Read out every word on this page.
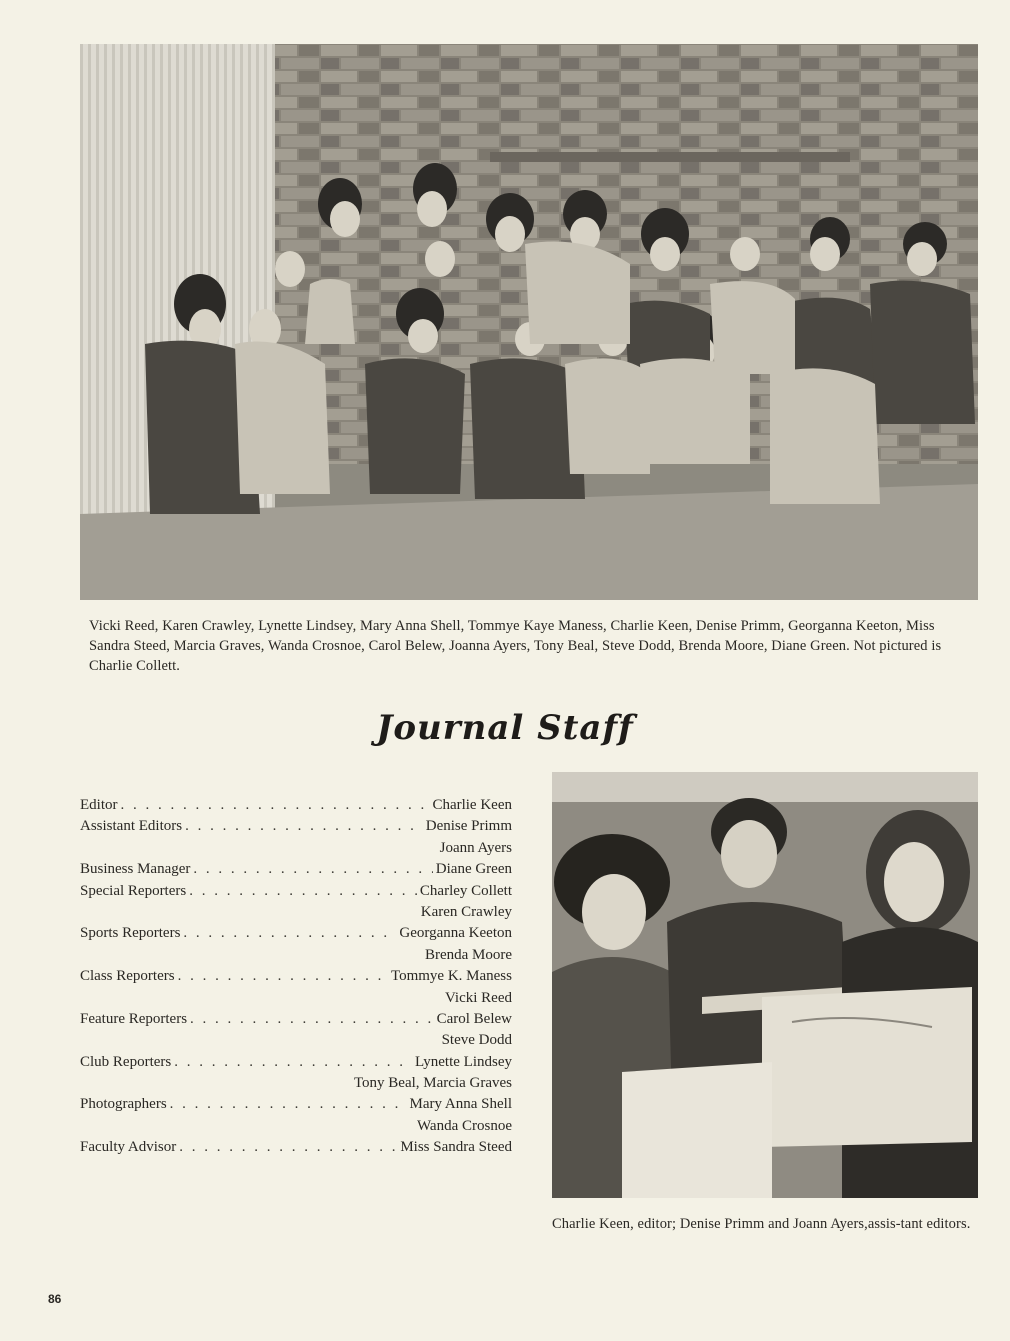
Vicki Reed, Karen Crawley, Lynette Lindsey, Mary Anna Shell, Tommye Kaye Maness, Charlie Keen, Denise Primm, Georganna Keeton, Miss Sandra Steed, Marcia Graves, Wanda Crosnoe, Carol Belew, Joanna Ayers, Tony Beal, Steve Dodd, Brenda Moore, Diane Green. Not pictured is Charlie Collett.
Journal Staff
Editor . . .	Charlie Keen
Assistant Editors . . .	Denise Primm
Joann Ayers
Business Manager . . .	Diane Green
Special Reporters . . .	Charley Collett
Karen Crawley
Sports Reporters . . .	Georganna Keeton
Brenda Moore
Class Reporters . . .	Tommye K. Maness
Vicki Reed
Feature Reporters . . .	Carol Belew
Steve Dodd
Club Reporters . . .	Lynette Lindsey
Tony Beal, Marcia Graves
Photographers . . .	Mary Anna Shell
Wanda Crosnoe
Faculty Advisor . . .	Miss Sandra Steed
Charlie Keen, editor; Denise Primm and Joann Ayers,assis-tant editors.
86
